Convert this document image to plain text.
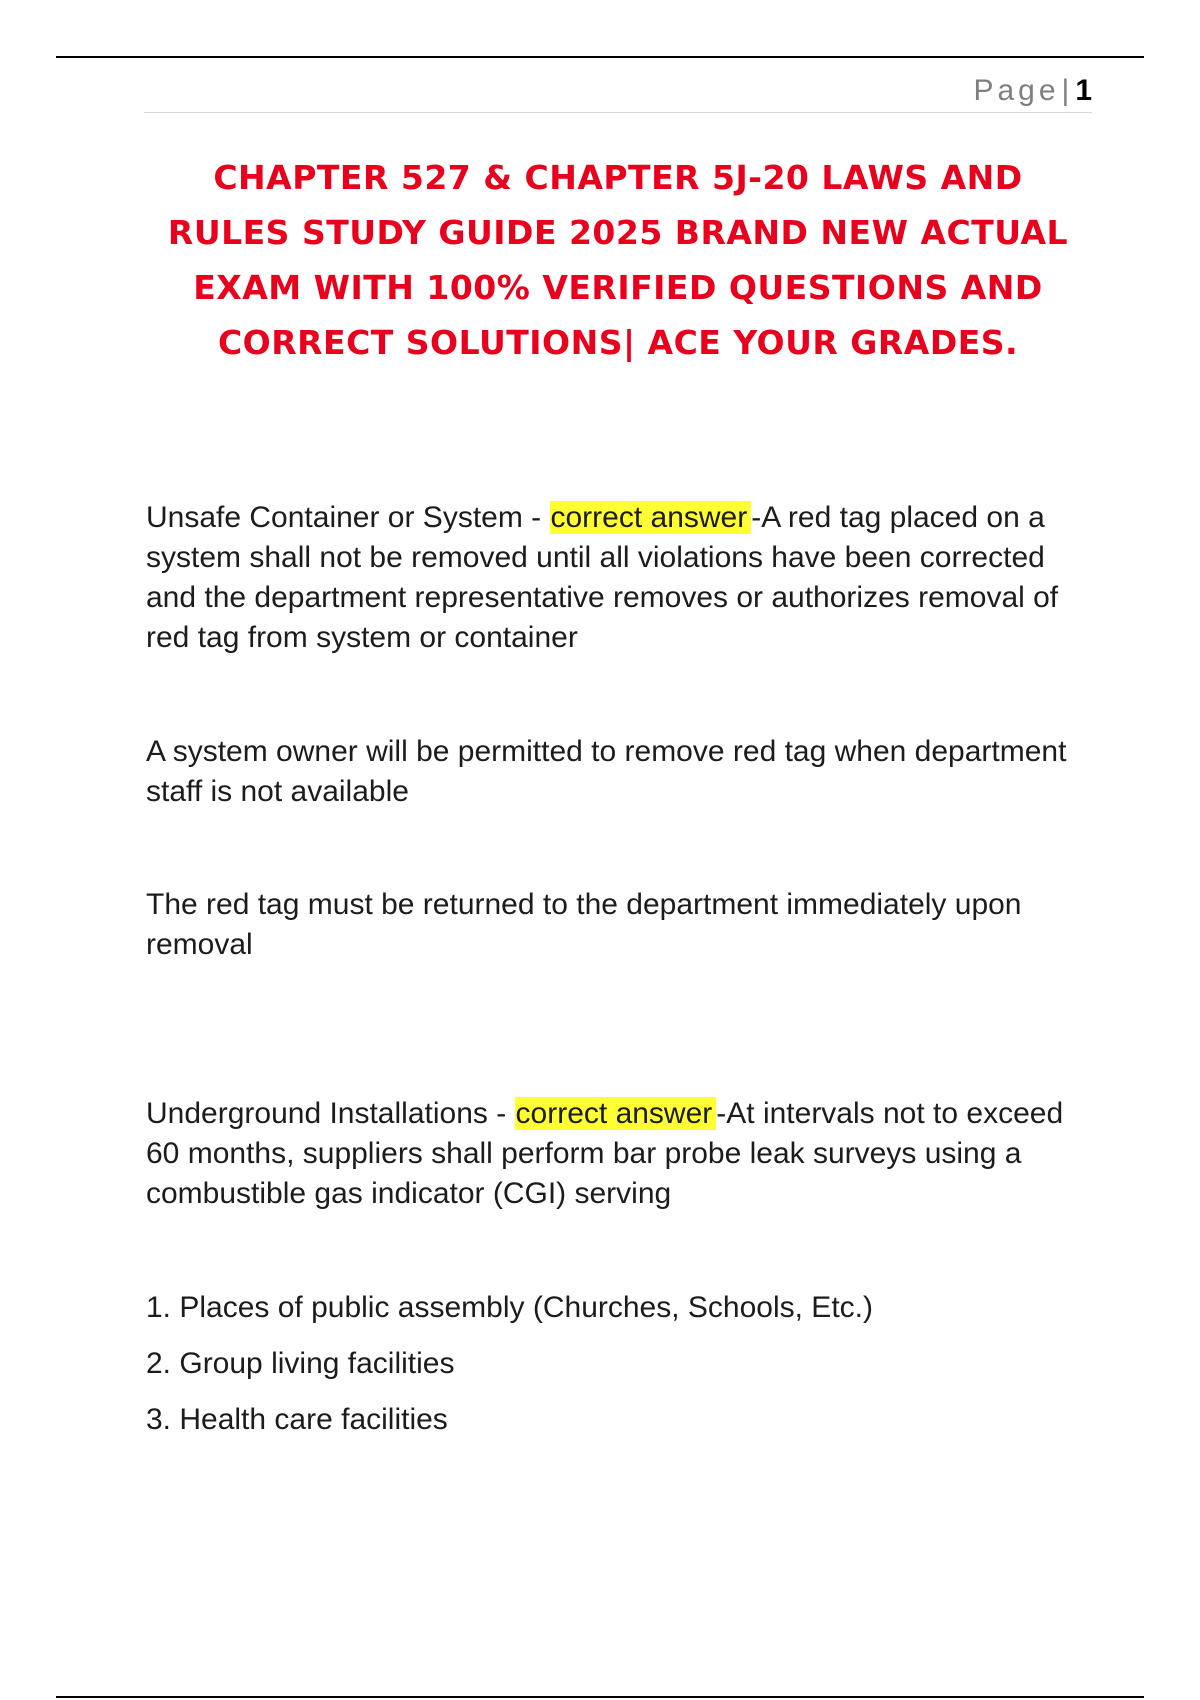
Page| 1
CHAPTER 527 & CHAPTER 5J-20 LAWS AND RULES STUDY GUIDE 2025 BRAND NEW ACTUAL EXAM WITH 100% VERIFIED QUESTIONS AND CORRECT SOLUTIONS| ACE YOUR GRADES.

Unsafe Container or System - correct answer -A red tag placed on a system shall not be removed until all violations have been corrected and the department representative removes or authorizes removal of red tag from system or container

A system owner will be permitted to remove red tag when department staff is not available

The red tag must be returned to the department immediately upon removal

Underground Installations - correct answer -At intervals not to exceed 60 months, suppliers shall perform bar probe leak surveys using a combustible gas indicator (CGI) serving

1. Places of public assembly (Churches, Schools, Etc.)
2. Group living facilities
3. Health care facilities
